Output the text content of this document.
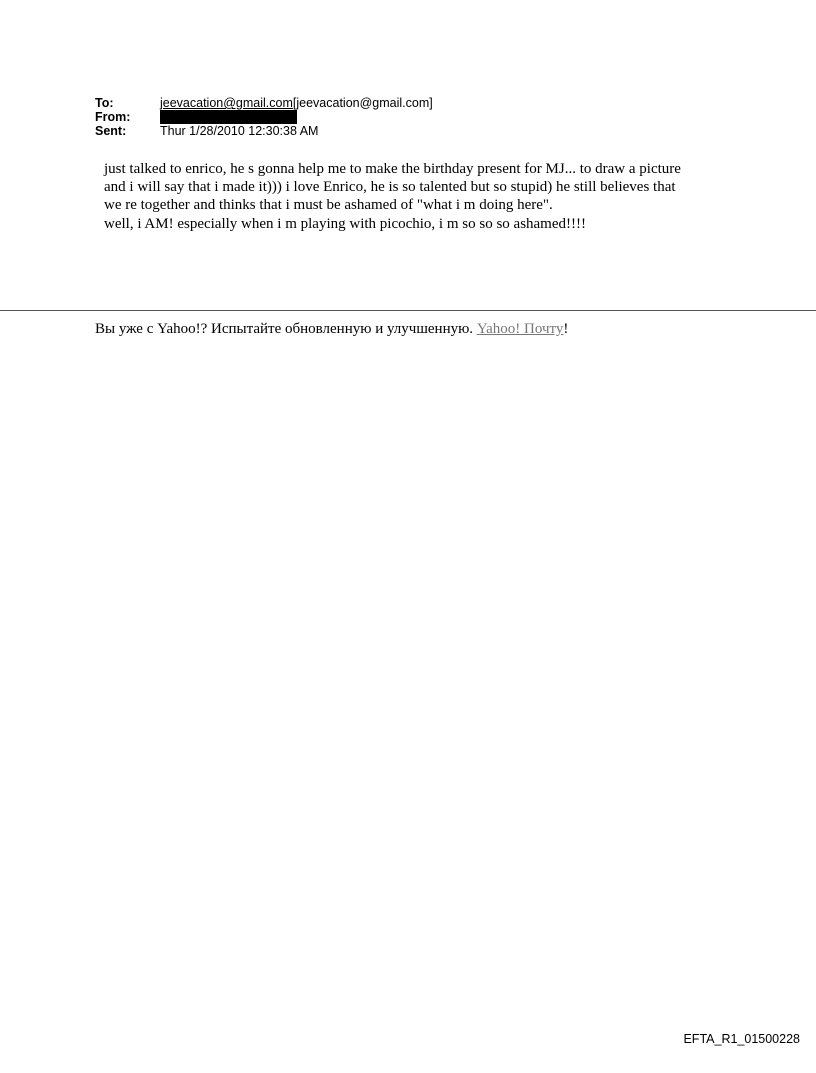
To:	jeevacation@gmail.com[jeevacation@gmail.com]
From:
Sent:	Thur 1/28/2010 12:30:38 AM
just talked to enrico, he s gonna help me to make the birthday present for MJ... to draw a picture
and i will say that i made it))) i love Enrico, he is so talented but so stupid) he still believes that
we re together and thinks that i must be ashamed of "what i m doing here".
well, i AM! especially when i m playing with picochio, i m so so so ashamed!!!!
Вы уже с Yahoo!? Испытайте обновленную и улучшенную. Yahoo! Почту!
EFTA_R1_01500228
